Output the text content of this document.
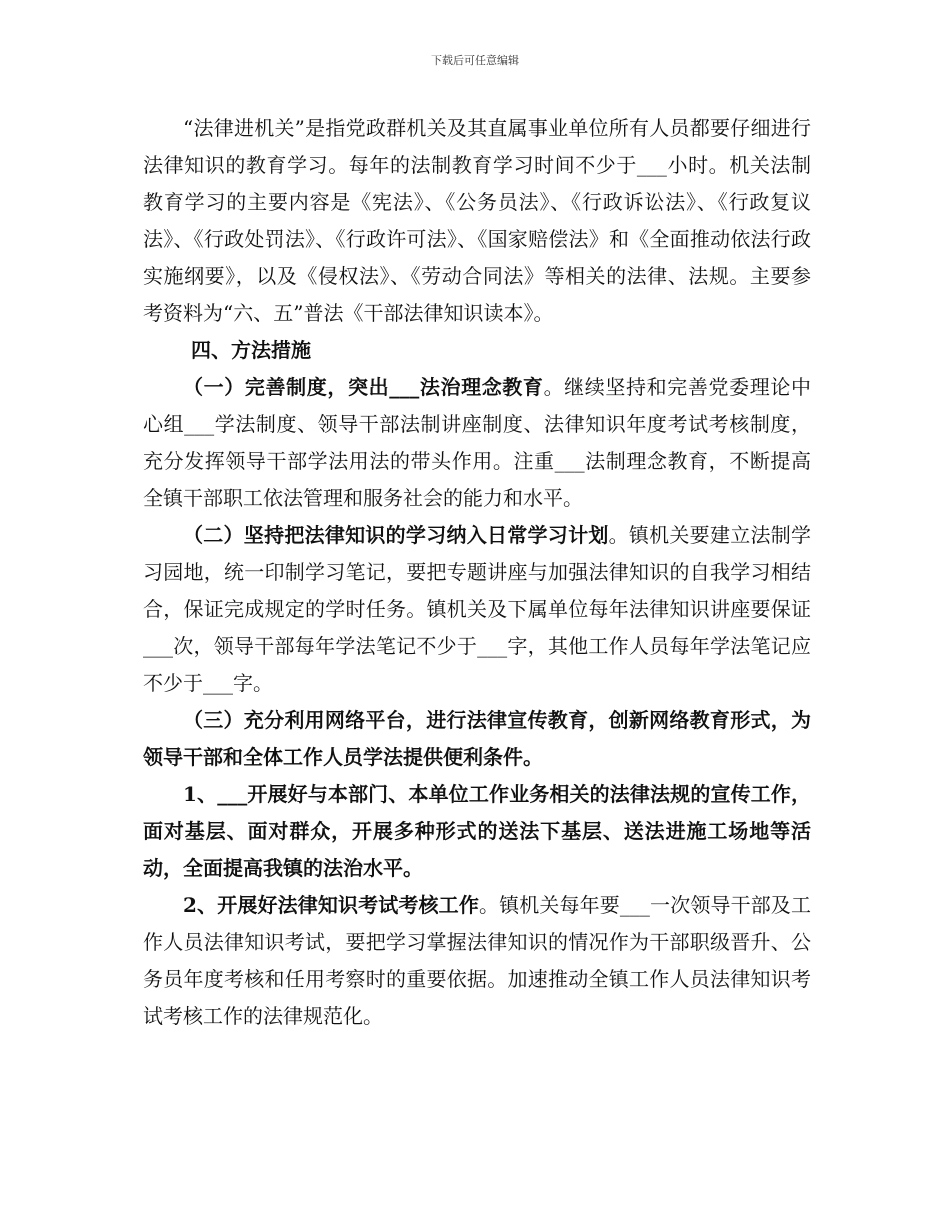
下载后可任意编辑

“法律进机关”是指党政群机关及其直属事业单位所有人员都要仔细进行法律知识的教育学习。每年的法制教育学习时间不少于___小时。机关法制教育学习的主要内容是《宪法》、《公务员法》、《行政诉讼法》、《行政复议法》、《行政处罚法》、《行政许可法》、《国家赔偿法》和《全面推动依法行政实施纲要》，以及《侵权法》、《劳动合同法》等相关的法律、法规。主要参考资料为“六、五”普法《干部法律知识读本》。

四、方法措施

（一）完善制度，突出___法治理念教育。继续坚持和完善党委理论中心组___学法制度、领导干部法制讲座制度、法律知识年度考试考核制度，充分发挥领导干部学法用法的带头作用。注重___法制理念教育，不断提高全镇干部职工依法管理和服务社会的能力和水平。

（二）坚持把法律知识的学习纳入日常学习计划。镇机关要建立法制学习园地，统一印制学习笔记，要把专题讲座与加强法律知识的自我学习相结合，保证完成规定的学时任务。镇机关及下属单位每年法律知识讲座要保证___次，领导干部每年学法笔记不少于___字，其他工作人员每年学法笔记应不少于___字。

（三）充分利用网络平台，进行法律宣传教育，创新网络教育形式，为领导干部和全体工作人员学法提供便利条件。

1、___开展好与本部门、本单位工作业务相关的法律法规的宣传工作，面对基层、面对群众，开展多种形式的送法下基层、送法进施工场地等活动，全面提高我镇的法治水平。

2、开展好法律知识考试考核工作。镇机关每年要___一次领导干部及工作人员法律知识考试，要把学习掌握法律知识的情况作为干部职级晋升、公务员年度考核和任用考察时的重要依据。加速推动全镇工作人员法律知识考试考核工作的法律规范化。
